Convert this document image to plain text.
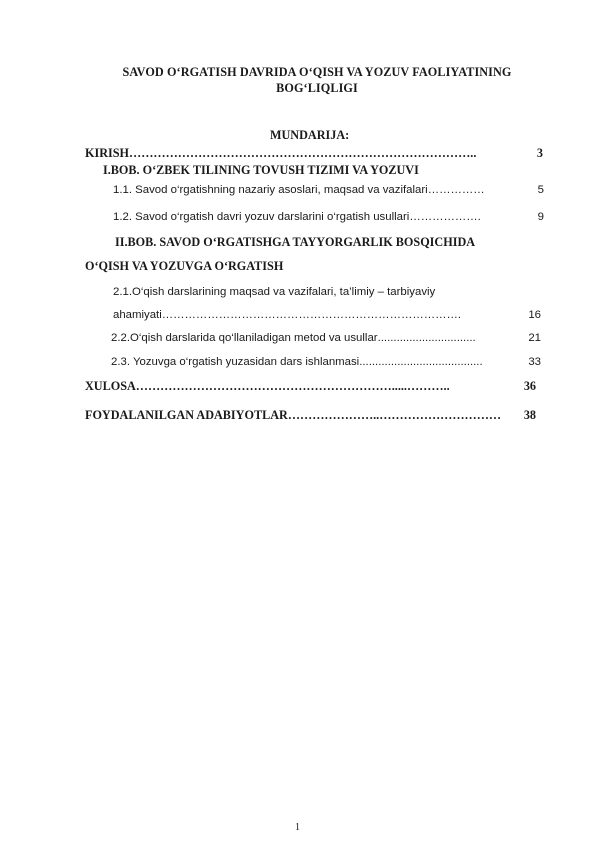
SAVOD O‘RGATISH DAVRIDA O‘QISH VA YOZUV FAOLIYATINING
BOG‘LIQLIGI
MUNDARIJA:
KIRISH …………………………………………………………………………..	3
I.BOB. O‘ZBEK TILINING TOVUSH TIZIMI VA YOZUVI
1.1. Savod o‘rgatishning nazariy asoslari, maqsad va vazifalari ……………	5
1.2. Savod o‘rgatish davri yozuv darslarini o‘rgatish usullari ……………….	9
II.BOB. SAVOD O‘RGATISHGA TAYYORGARLIK BOSQICHIDA
O‘QISH VA YOZUVGA O‘RGATISH
2.1.O‘qish darslarining maqsad va vazifalari, ta’limiy – tarbiyaviy
ahamiyati …………………………………………………………………….	16
2.2.O‘qish darslarida qo‘llaniladigan metod va usullar ...............................	21
2.3. Yozuvga o‘rgatish yuzasidan dars ishlanmasi .......................................	33
XULOSA ……………………………………………………….....………..	36
FOYDALANILGAN ADABIYOTLAR …………………..…………………………	38
1
